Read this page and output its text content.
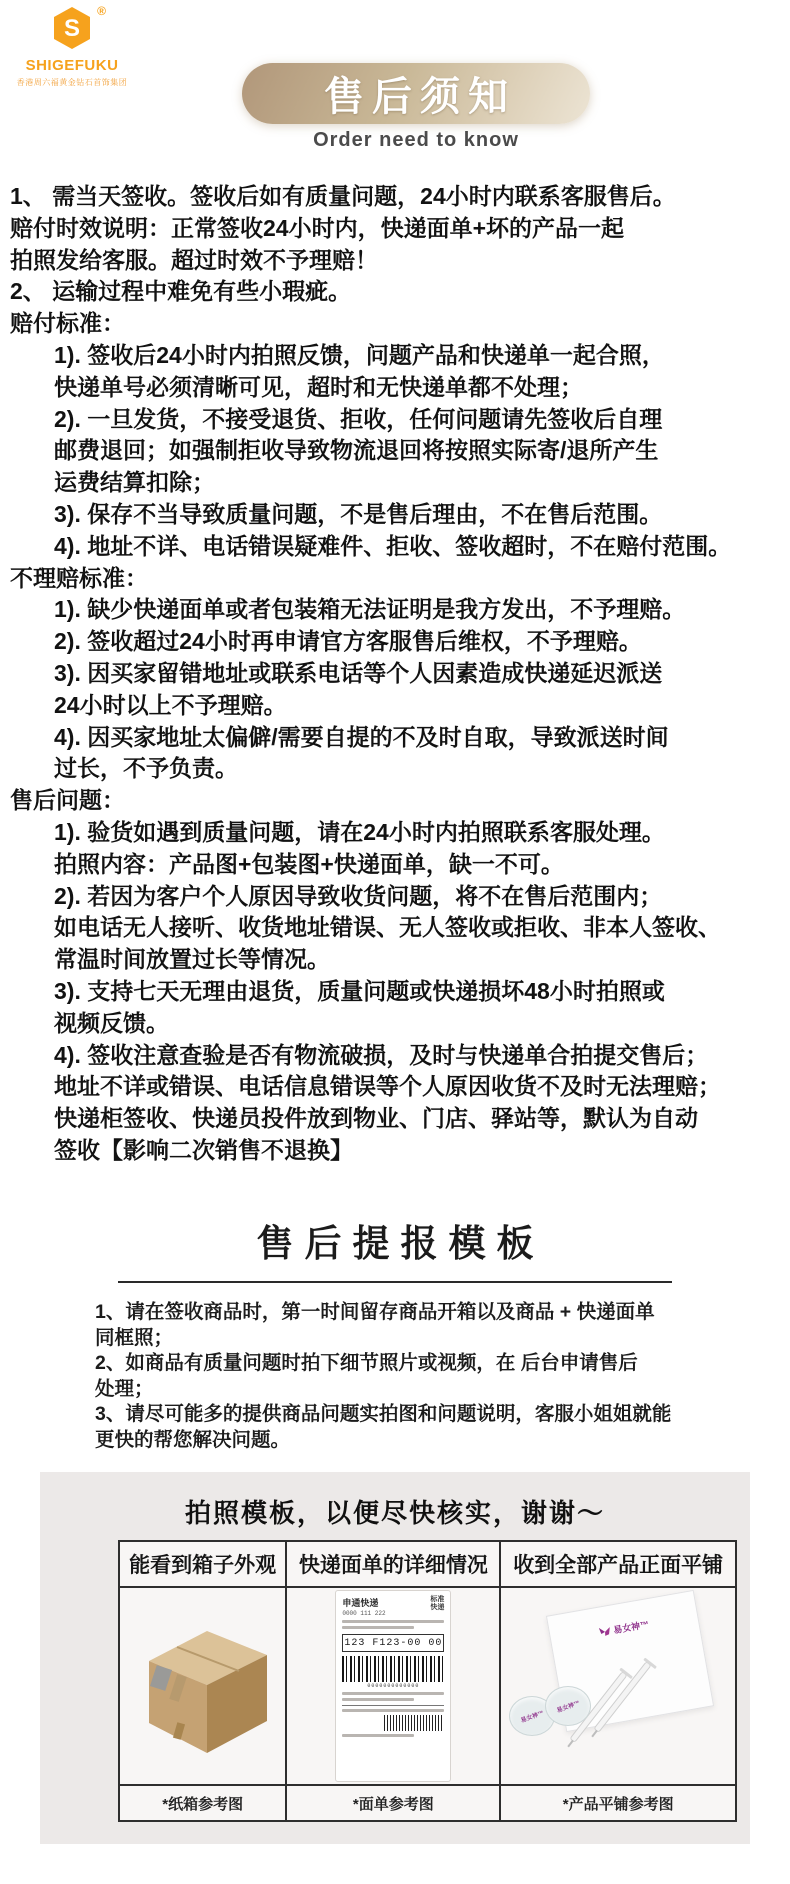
S
®
SHIGEFUKU
香港周六福黄金钻石首饰集团	售后须知
Order need to know
1、 需当天签收。签收后如有质量问题，24小时内联系客服售后。
赔付时效说明：正常签收24小时内，快递面单+坏的产品一起
拍照发给客服。超过时效不予理赔！
2、 运输过程中难免有些小瑕疵。
赔付标准：
1). 签收后24小时内拍照反馈，问题产品和快递单一起合照，
快递单号必须清晰可见，超时和无快递单都不处理；
2). 一旦发货，不接受退货、拒收，任何问题请先签收后自理
邮费退回；如强制拒收导致物流退回将按照实际寄/退所产生
运费结算扣除；
3). 保存不当导致质量问题，不是售后理由，不在售后范围。
4). 地址不详、电话错误疑难件、拒收、签收超时，不在赔付范围。
不理赔标准：
1). 缺少快递面单或者包装箱无法证明是我方发出，不予理赔。
2). 签收超过24小时再申请官方客服售后维权，不予理赔。
3). 因买家留错地址或联系电话等个人因素造成快递延迟派送
24小时以上不予理赔。
4). 因买家地址太偏僻/需要自提的不及时自取，导致派送时间
过长，不予负责。
售后问题：
1). 验货如遇到质量问题，请在24小时内拍照联系客服处理。
拍照内容：产品图+包装图+快递面单，缺一不可。
2). 若因为客户个人原因导致收货问题，将不在售后范围内；
如电话无人接听、收货地址错误、无人签收或拒收、非本人签收、
常温时间放置过长等情况。
3). 支持七天无理由退货，质量问题或快递损坏48小时拍照或
视频反馈。
4). 签收注意查验是否有物流破损，及时与快递单合拍提交售后；
地址不详或错误、电话信息错误等个人原因收货不及时无法理赔；
快递柜签收、快递员投件放到物业、门店、驿站等，默认为自动
签收【影响二次销售不退换】
售后提报模板
1、请在签收商品时，第一时间留存商品开箱以及商品 + 快递面单
同框照；
2、如商品有质量问题时拍下细节照片或视频，在 后台申请售后
处理；
3、请尽可能多的提供商品问题实拍图和问题说明，客服小姐姐就能
更快的帮您解决问题。
拍照模板，以便尽快核实，谢谢～
能看到箱子外观
*纸箱参考图
快递面单的详细情况
申通快递
0000 111 222
标准
快递
123 F123-00 00
0000000000000
*面单参考图
收到全部产品正面平铺
易女神™
易女神™
易女神™
*产品平铺参考图
